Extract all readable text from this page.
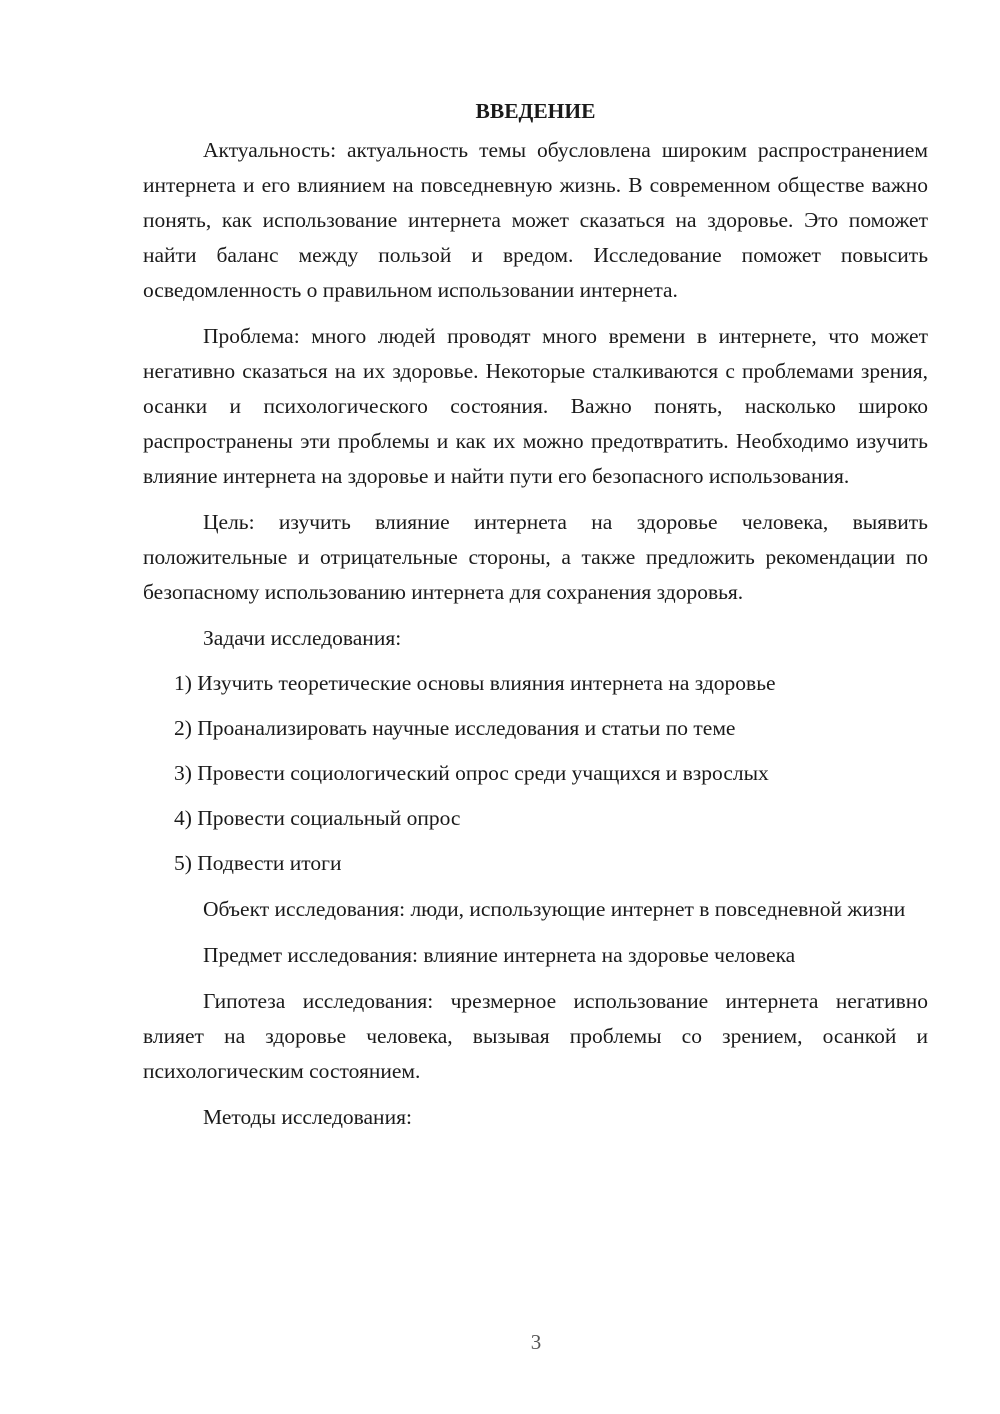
ВВЕДЕНИЕ

Актуальность: актуальность темы обусловлена широким распространением интернета и его влиянием на повседневную жизнь. В современном обществе важно понять, как использование интернета может сказаться на здоровье. Это поможет найти баланс между пользой и вредом. Исследование поможет повысить осведомленность о правильном использовании интернета.

Проблема: много людей проводят много времени в интернете, что может негативно сказаться на их здоровье. Некоторые сталкиваются с проблемами зрения, осанки и психологического состояния. Важно понять, насколько широко распространены эти проблемы и как их можно предотвратить. Необходимо изучить влияние интернета на здоровье и найти пути его безопасного использования.

Цель: изучить влияние интернета на здоровье человека, выявить положительные и отрицательные стороны, а также предложить рекомендации по безопасному использованию интернета для сохранения здоровья.

Задачи исследования:

1) Изучить теоретические основы влияния интернета на здоровье
2) Проанализировать научные исследования и статьи по теме
3) Провести социологический опрос среди учащихся и взрослых
4) Провести социальный опрос
5) Подвести итоги

Объект исследования: люди, использующие интернет в повседневной жизни

Предмет исследования: влияние интернета на здоровье человека

Гипотеза исследования: чрезмерное использование интернета негативно влияет на здоровье человека, вызывая проблемы со зрением, осанкой и психологическим состоянием.

Методы исследования:

3
